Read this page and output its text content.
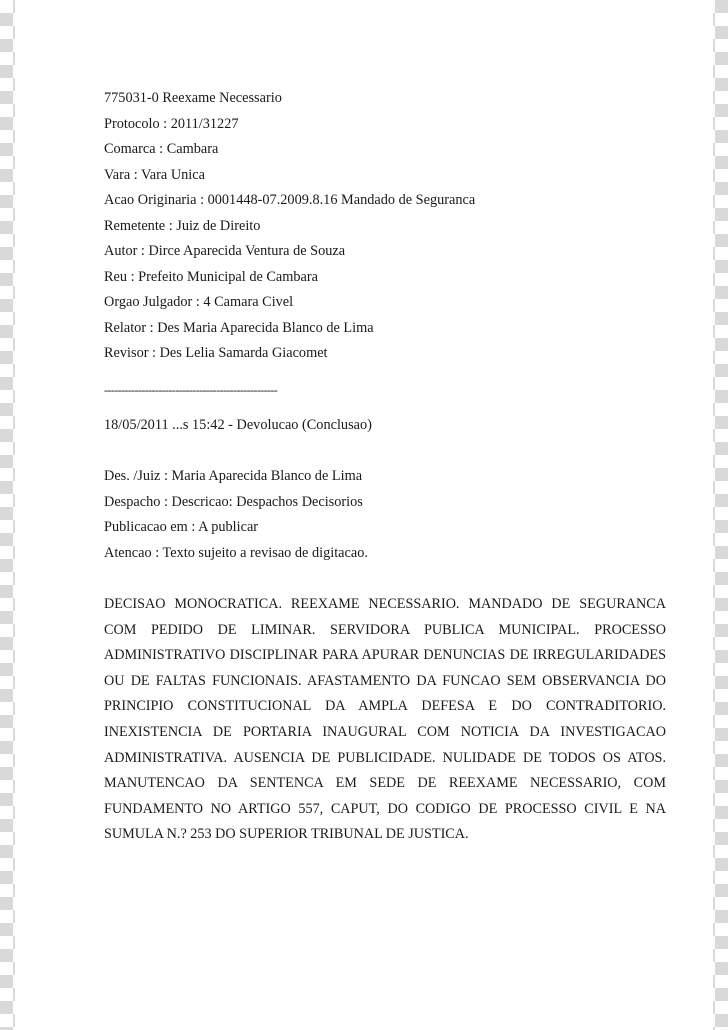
775031-0 Reexame Necessario
Protocolo : 2011/31227
Comarca : Cambara
Vara : Vara Unica
Acao Originaria : 0001448-07.2009.8.16 Mandado de Seguranca
Remetente : Juiz de Direito
Autor : Dirce Aparecida Ventura de Souza
Reu : Prefeito Municipal de Cambara
Orgao Julgador : 4 Camara Civel
Relator : Des Maria Aparecida Blanco de Lima
Revisor : Des Lelia Samarda Giacomet
---------------------------------------------------
18/05/2011 ...s 15:42 - Devolucao (Conclusao)
Des. /Juiz : Maria Aparecida Blanco de Lima
Despacho : Descricao: Despachos Decisorios
Publicacao em : A publicar
Atencao : Texto sujeito a revisao de digitacao.
DECISAO MONOCRATICA. REEXAME NECESSARIO. MANDADO DE SEGURANCA COM PEDIDO DE LIMINAR. SERVIDORA PUBLICA MUNICIPAL. PROCESSO ADMINISTRATIVO DISCIPLINAR PARA APURAR DENUNCIAS DE IRREGULARIDADES OU DE FALTAS FUNCIONAIS. AFASTAMENTO DA FUNCAO SEM OBSERVANCIA DO PRINCIPIO CONSTITUCIONAL DA AMPLA DEFESA E DO CONTRADITORIO. INEXISTENCIA DE PORTARIA INAUGURAL COM NOTICIA DA INVESTIGACAO ADMINISTRATIVA. AUSENCIA DE PUBLICIDADE. NULIDADE DE TODOS OS ATOS. MANUTENCAO DA SENTENCA EM SEDE DE REEXAME NECESSARIO, COM FUNDAMENTO NO ARTIGO 557, CAPUT, DO CODIGO DE PROCESSO CIVIL E NA SUMULA N.? 253 DO SUPERIOR TRIBUNAL DE JUSTICA.
